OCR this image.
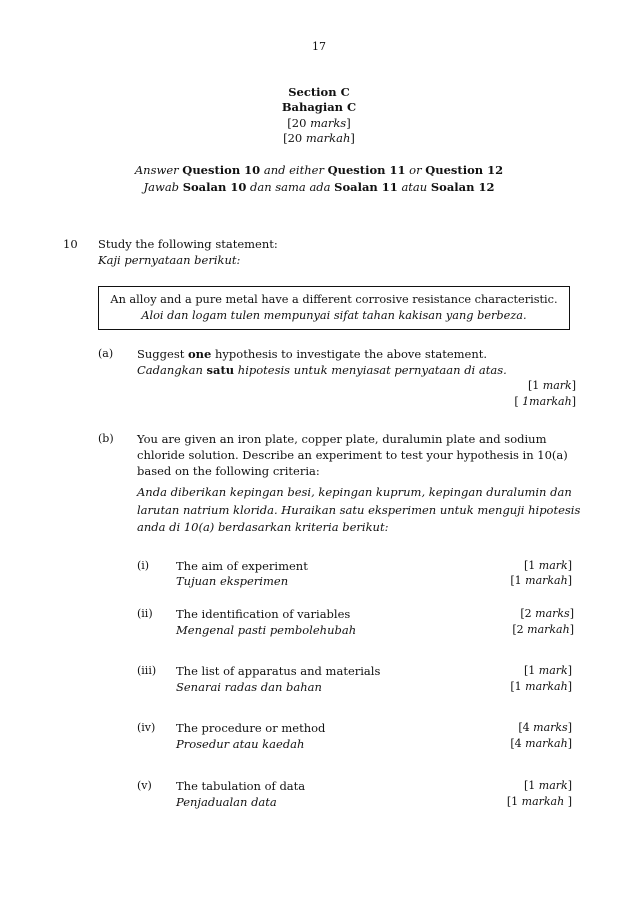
17
Section C
Bahagian C
[20 marks]
[20 markah]
Answer Question 10 and either Question 11 or Question 12
Jawab Soalan 10 dan sama ada Soalan 11 atau Soalan 12
10 Study the following statement:
Kaji pernyataan berikut:
An alloy and a pure metal have a different corrosive resistance characteristic.
Aloi dan logam tulen mempunyai sifat tahan kakisan yang berbeza.
(a) Suggest one hypothesis to investigate the above statement.
Cadangkan satu hipotesis untuk menyiasat pernyataan di atas.
[1 mark]
[ 1markah]
(b) You are given an iron plate, copper plate, duralumin plate and sodium
chloride solution. Describe an experiment to test your hypothesis in 10(a)
based on the following criteria:
Anda diberikan kepingan besi, kepingan kuprum, kepingan duralumin dan
larutan natrium klorida. Huraikan satu eksperimen untuk menguji hipotesis
anda di 10(a) berdasarkan kriteria berikut:
(i) The aim of experiment
Tujuan eksperimen
[1 mark]
[1 markah]
(ii) The identification of variables
Mengenal pasti pembolehubah
[2 marks]
[2 markah]
(iii) The list of apparatus and materials
Senarai radas dan bahan
[1 mark]
[1 markah]
(iv) The procedure or method
Prosedur atau kaedah
[4 marks]
[4 markah]
(v) The tabulation of data
Penjadualan data
[1 mark]
[1 markah ]
